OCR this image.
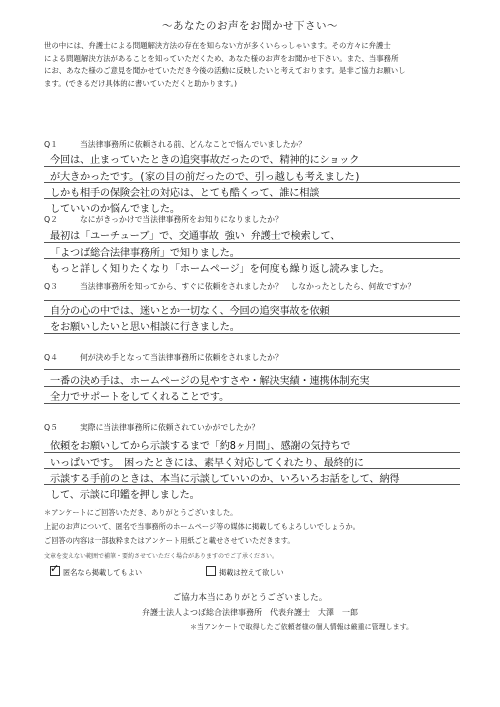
～あなたのお声をお聞かせ下さい～
世の中には、弁護士による問題解決方法の存在を知らない方が多くいらっしゃいます。その方々に弁護士
による問題解決方法があることを知っていただくため、あなた様のお声をお聞かせ下さい。また、当事務所
にお、あなた様のご意見を聞かせていただき今後の活動に反映したいと考えております。是非ご協力お願いし
ます。(できるだけ具体的に書いていただくと助かります。)
Q１	当法律事務所に依頼される前、どんなことで悩んでいましたか？
今回は、止まっていたときの追突事故だったので、精神的にショック
が大きかったです。(家の目の前だったので、引っ越しも考えました)
しかも相手の保険会社の対応は、とても酷くって、誰に相談
していいのか悩んでました。
Q２	なにがきっかけで当法律事務所をお知りになりましたか？
最初は「ユーチューブ」で、交通事故 強い 弁護士で検索して、
「よつば総合法律事務所」で知りました。
もっと詳しく知りたくなり「ホームページ」を何度も繰り返し読みました。
Q３	当法律事務所を知ってから、すぐに依頼をされましたか？　しなかったとしたら、何故ですか？
自分の心の中では、迷いとか一切なく、今回の追突事故を依頼
をお願いしたいと思い相談に行きました。
Q４	何が決め手となって当法律事務所に依頼をされましたか？
一番の決め手は、ホームページの見やすさや・解決実績・連携体制充実
全力でサポートをしてくれることです。
Q５	実際に当法律事務所に依頼されていかがでしたか？
依頼をお願いしてから示談するまで「約8ヶ月間」、感謝の気持ちで
いっぱいです。　困ったときには、素早く対応してくれたり、最終的に
示談する手前のときは、本当に示談していいのか、いろいろお話をして、納得
して、示談に印鑑を押しました。
＊アンケートにご回答いただき、ありがとうございました。
上記のお声について、匿名で当事務所のホームページ等の媒体に掲載してもよろしいでしょうか。
ご回答の内容は一部抜粋またはアンケート用紙ごと載せさせていただきます。
文章を変えない範囲で補筆・要約させていただく場合がありますのでご了承ください。
✓匿名なら掲載してもよい	掲載は控えて欲しい
ご協力本当にありがとうございました。
弁護士法人よつば総合法律事務所　代表弁護士　大澤　一郎
＊当アンケートで取得したご依頼者様の個人情報は厳重に管理します。
